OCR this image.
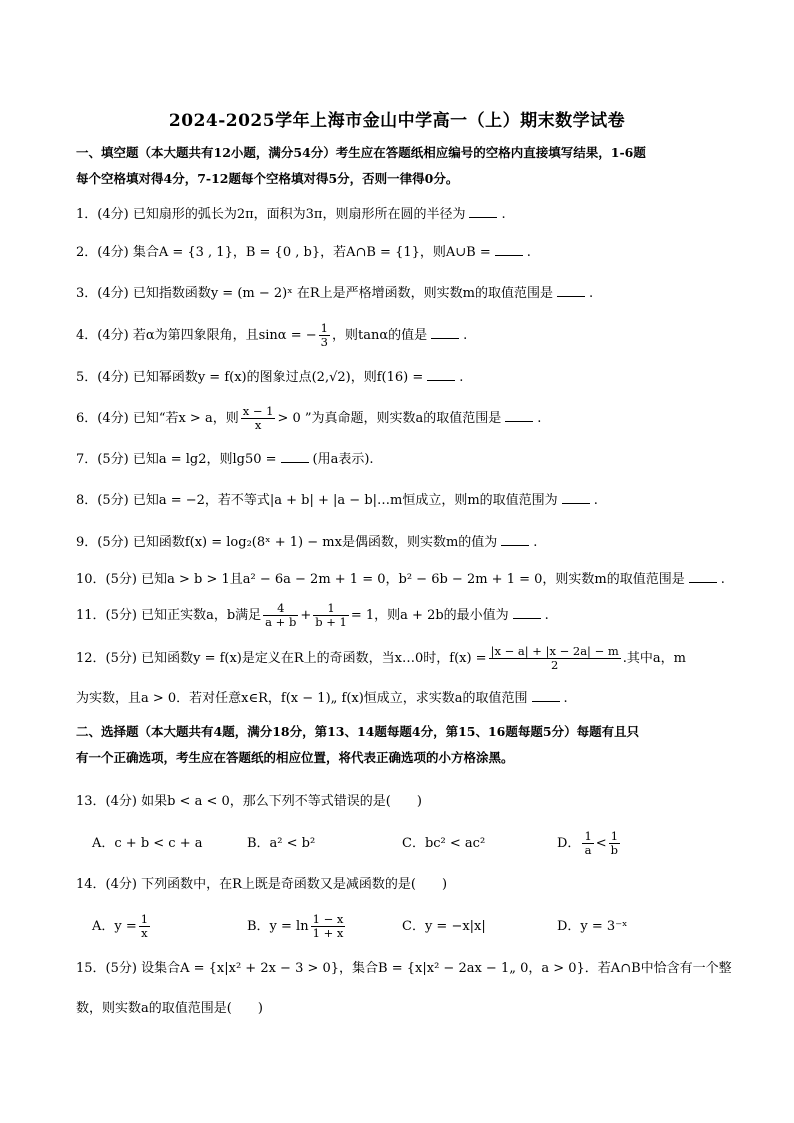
2024-2025学年上海市金山中学高一（上）期末数学试卷
一、填空题（本大题共有12小题，满分54分）考生应在答题纸相应编号的空格内直接填写结果，1-6题
每个空格填对得4分，7-12题每个空格填对得5分，否则一律得0分。
1．(4分) 已知扇形的弧长为2π，面积为3π，则扇形所在圆的半径为	.
2．(4分) 集合A = {3 , 1}，B = {0 , b}，若A∩B = {1}，则A∪B =	.
3．(4分) 已知指数函数y = (m − 2)ˣ 在R上是严格增函数，则实数m的取值范围是	.
4．(4分) 若α为第四象限角，且sinα = − $\frac{1}{3}$ ，则tanα的值是	.
5．(4分) 已知幂函数y = f(x)的图象过点(2,√2)，则f(16) =	.
6．(4分) 已知“若x > a，则 $\frac{x - 1}{x} > 0$ ”为真命题，则实数a的取值范围是	.
7．(5分) 已知a = lg2，则lg50 =	(用a表示).
8．(5分) 已知a = −2，若不等式|a + b| + |a − b|…m恒成立，则m的取值范围为	.
9．(5分) 已知函数f(x) = log₂(8ˣ + 1) − mx是偶函数，则实数m的值为	.
10．(5分) 已知a > b > 1且a² − 6a − 2m + 1 = 0，b² − 6b − 2m + 1 = 0，则实数m的取值范围是	.
11．(5分) 已知正实数a，b满足 $\frac{4}{a + b} + \frac{1}{b + 1} = 1$，则a + 2b的最小值为	.
12．(5分) 已知函数y = f(x)是定义在R上的奇函数，当x…0时，$f(x) = \frac{|x - a| + |x - 2a| - m}{2}$ .其中a，m
为实数，且a > 0．若对任意x∈R，f(x − 1)„ f(x)恒成立，求实数a的取值范围	.
二、选择题（本大题共有4题，满分18分，第13、14题每题4分，第15、16题每题5分）每题有且只
有一个正确选项，考生应在答题纸的相应位置，将代表正确选项的小方格涂黑。
13．(4分) 如果b < a < 0，那么下列不等式错误的是(　　)
A．c + b < c + a	B．a² < b²	C．bc² < ac²	D． $\frac{1}{a} < \frac{1}{b}$
14．(4分) 下列函数中，在R上既是奇函数又是减函数的是(　　)
A．$y = \frac{1}{x}$	B．$y = \ln \frac{1 - x}{1 + x}$	C．y = −x|x|	D．y = 3⁻ˣ
15．(5分) 设集合A = {x|x² + 2x − 3 > 0}，集合B = {x|x² − 2ax − 1„ 0，a > 0}．若A∩B中恰含有一个整
数，则实数a的取值范围是(　　)
